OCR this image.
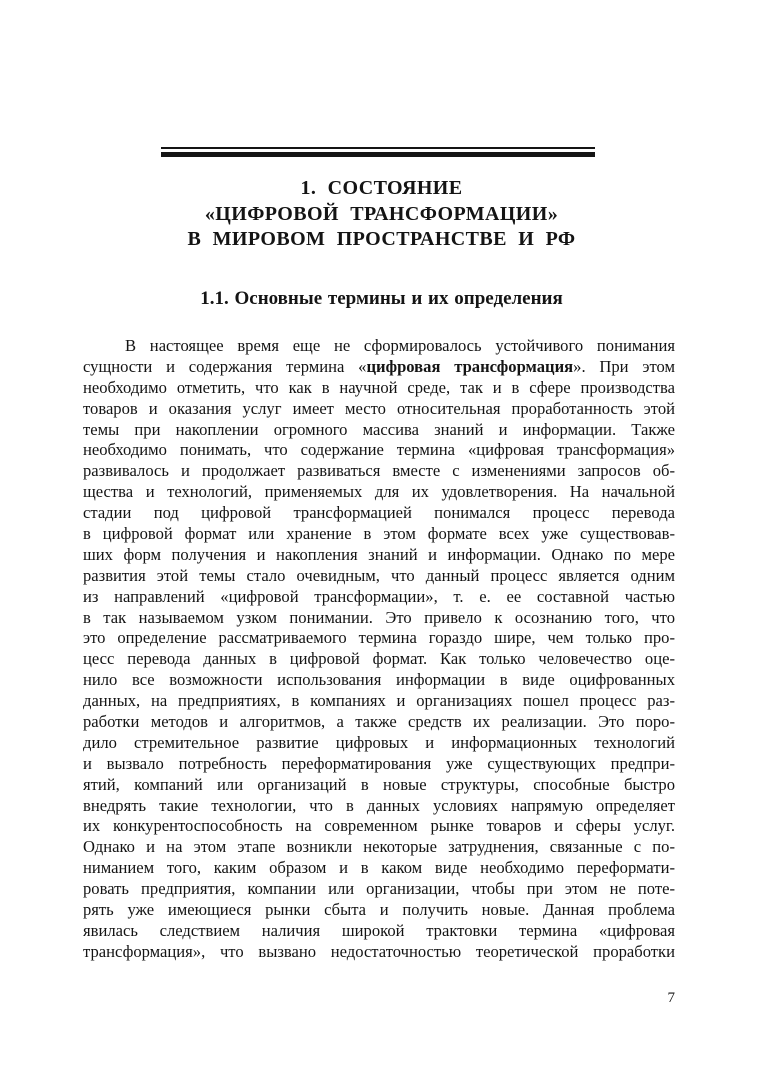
1. СОСТОЯНИЕ
«ЦИФРОВОЙ ТРАНСФОРМАЦИИ»
В МИРОВОМ ПРОСТРАНСТВЕ И РФ
1.1. Основные термины и их определения
В настоящее время еще не сформировалось устойчивого понимания
сущности и содержания термина «цифровая трансформация». При этом
необходимо отметить, что как в научной среде, так и в сфере производства
товаров и оказания услуг имеет место относительная проработанность этой
темы при накоплении огромного массива знаний и информации. Также
необходимо понимать, что содержание термина «цифровая трансформация»
развивалось и продолжает развиваться вместе с изменениями запросов об-
щества и технологий, применяемых для их удовлетворения. На начальной
стадии под цифровой трансформацией понимался процесс перевода
в цифровой формат или хранение в этом формате всех уже существовав-
ших форм получения и накопления знаний и информации. Однако по мере
развития этой темы стало очевидным, что данный процесс является одним
из направлений «цифровой трансформации», т. е. ее составной частью
в так называемом узком понимании. Это привело к осознанию того, что
это определение рассматриваемого термина гораздо шире, чем только про-
цесс перевода данных в цифровой формат. Как только человечество оце-
нило все возможности использования информации в виде оцифрованных
данных, на предприятиях, в компаниях и организациях пошел процесс раз-
работки методов и алгоритмов, а также средств их реализации. Это поро-
дило стремительное развитие цифровых и информационных технологий
и вызвало потребность переформатирования уже существующих предпри-
ятий, компаний или организаций в новые структуры, способные быстро
внедрять такие технологии, что в данных условиях напрямую определяет
их конкурентоспособность на современном рынке товаров и сферы услуг.
Однако и на этом этапе возникли некоторые затруднения, связанные с по-
ниманием того, каким образом и в каком виде необходимо переформати-
ровать предприятия, компании или организации, чтобы при этом не поте-
рять уже имеющиеся рынки сбыта и получить новые. Данная проблема
явилась следствием наличия широкой трактовки термина «цифровая
трансформация», что вызвано недостаточностью теоретической проработки
7
